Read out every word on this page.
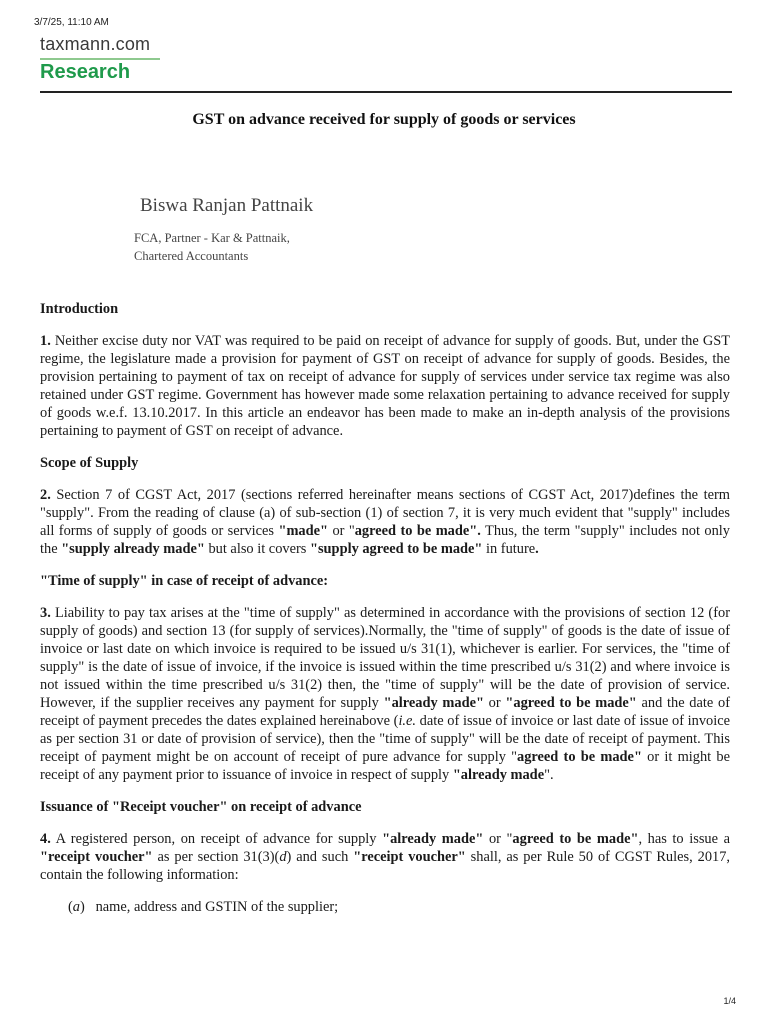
3/7/25, 11:10 AM
taxmann.com
Research
GST on advance received for supply of goods or services
Biswa Ranjan Pattnaik
FCA, Partner - Kar & Pattnaik,
Chartered Accountants
Introduction

1. Neither excise duty nor VAT was required to be paid on receipt of advance for supply of goods. But, under the GST regime, the legislature made a provision for payment of GST on receipt of advance for supply of goods. Besides, the provision pertaining to payment of tax on receipt of advance for supply of services under service tax regime was also retained under GST regime. Government has however made some relaxation pertaining to advance received for supply of goods w.e.f. 13.10.2017. In this article an endeavor has been made to make an in-depth analysis of the provisions pertaining to payment of GST on receipt of advance.

Scope of Supply

2. Section 7 of CGST Act, 2017 (sections referred hereinafter means sections of CGST Act, 2017)defines the term "supply". From the reading of clause (a) of sub-section (1) of section 7, it is very much evident that "supply" includes all forms of supply of goods or services "made" or "agreed to be made". Thus, the term "supply" includes not only the "supply already made" but also it covers "supply agreed to be made" in future.

"Time of supply" in case of receipt of advance:

3. Liability to pay tax arises at the "time of supply" as determined in accordance with the provisions of section 12 (for supply of goods) and section 13 (for supply of services).Normally, the "time of supply" of goods is the date of issue of invoice or last date on which invoice is required to be issued u/s 31(1), whichever is earlier. For services, the "time of supply" is the date of issue of invoice, if the invoice is issued within the time prescribed u/s 31(2) and where invoice is not issued within the time prescribed u/s 31(2) then, the "time of supply" will be the date of provision of service. However, if the supplier receives any payment for supply "already made" or "agreed to be made" and the date of receipt of payment precedes the dates explained hereinabove (i.e. date of issue of invoice or last date of issue of invoice as per section 31 or date of provision of service), then the "time of supply" will be the date of receipt of payment. This receipt of payment might be on account of receipt of pure advance for supply "agreed to be made" or it might be receipt of any payment prior to issuance of invoice in respect of supply "already made".

Issuance of "Receipt voucher" on receipt of advance

4. A registered person, on receipt of advance for supply "already made" or "agreed to be made", has to issue a "receipt voucher" as per section 31(3)(d) and such "receipt voucher" shall, as per Rule 50 of CGST Rules, 2017, contain the following information:

(a)   name, address and GSTIN of the supplier;

1/4
